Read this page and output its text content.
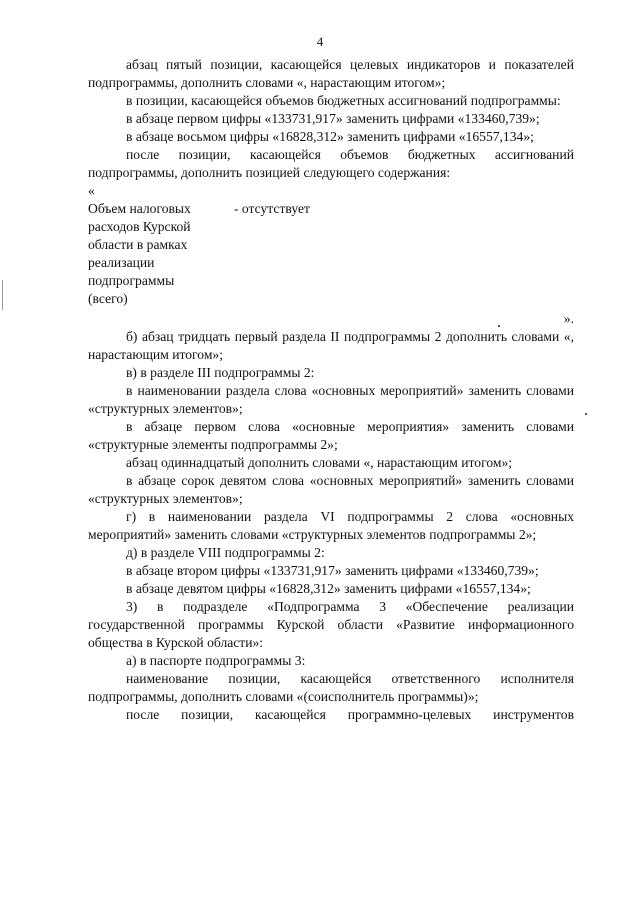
4

абзац пятый позиции, касающейся целевых индикаторов и показателей подпрограммы, дополнить словами «, нарастающим итогом»;

в позиции, касающейся объемов бюджетных ассигнований подпрограммы:

в абзаце первом цифры «133731,917» заменить цифрами «133460,739»;

в абзаце восьмом цифры «16828,312» заменить цифрами «16557,134»;

после позиции, касающейся объемов бюджетных ассигнований подпрограммы, дополнить позицией следующего содержания:

«

Объем налоговых
расходов Курской
области в рамках
реализации
подпрограммы
(всего)
- отсутствует

».

б) абзац тридцать первый раздела II подпрограммы 2 дополнить словами «, нарастающим итогом»;

в) в разделе III подпрограммы 2:

в наименовании раздела слова «основных мероприятий» заменить словами «структурных элементов»;

в абзаце первом слова «основные мероприятия» заменить словами «структурные элементы подпрограммы 2»;

абзац одиннадцатый дополнить словами «, нарастающим итогом»;

в абзаце сорок девятом слова «основных мероприятий» заменить словами «структурных элементов»;

г) в наименовании раздела VI подпрограммы 2 слова «основных мероприятий» заменить словами «структурных элементов подпрограммы 2»;

д) в разделе VIII подпрограммы 2:

в абзаце втором цифры «133731,917» заменить цифрами «133460,739»;

в абзаце девятом цифры «16828,312» заменить цифрами «16557,134»;

3) в подразделе «Подпрограмма 3 «Обеспечение реализации государственной программы Курской области «Развитие информационного общества в Курской области»:

а) в паспорте подпрограммы 3:

наименование позиции, касающейся ответственного исполнителя подпрограммы, дополнить словами «(соисполнитель программы)»;

после позиции, касающейся программно-целевых инструментов
